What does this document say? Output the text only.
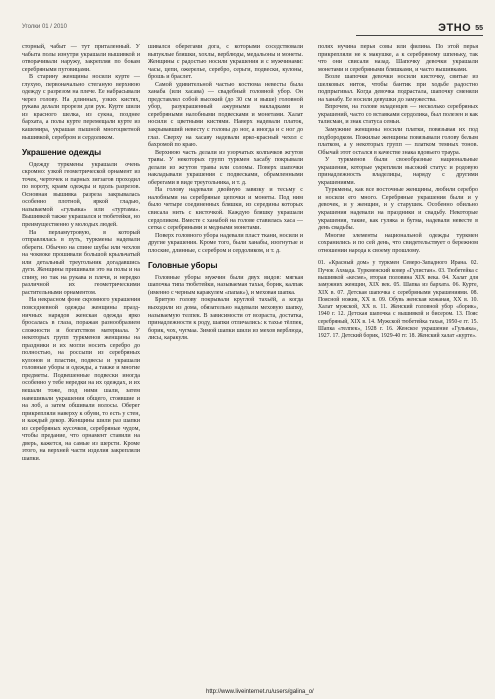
Уголки 01 / 2010	ЭТНО 55

сторный, чабыт — тут приталенный. У чабыта полы изнутри украшали вышивкой и отворачивали наружу, закрепляя по бокам серебряными пуговицами.

В старину женщины носили курте — глухую, первоначально стеганую верхнюю одежду с разрезом на плече. Ее набрасывали через голову. На длинных, узких кистях, рукава делали прорези для рук. Курте шили из красного шелка, из сукна, позднее бархата, а полы курте перемещали курте из кашемира, украшая пышной многоцветной вышивкой, серебром и сердоликом.

Украшение одежды

Одежду туркмены украшали очень скромно: узкой геометрической орнамент из точек, черточек и парных зигзагов проходил по вороту, краям одежды и вдоль разрезов. Основная вышивка разреза закрывалась особенно плотной, яркой гладью, называемой «гульяка» или «туртама». Вышивкой также украшался и тюбетейки, но преимущественно у молодых людей.

На перламутровую, в который отправлялась в путь, туркмены надевали обереги. Обычно на спине шубы или чехлов на чоквоке прошивали большой крыльчатый или детальный треугольник догадавшись дуги. Женщины пришивали это на полы и на спину, но так на рукава и плечи, и нередко различной их геометрическими растительными орнаментом.

На некрасном фоне скромного украшения повседневной одежды женщины праздничных нарядов женская одежда ярко бросалась в глаза, поражая разнообразием сложности и богатством материала. У некоторых групп туркменов женщины на праздники и их могли носить серебро до полностью, на россыпи из серебряных кулонов и пластин, подвесы и украшали головные уборы и одежды, а также и многие предметы. Подвешенные подвески иногда особенно у тебе нередки на их одеждах, и их вешали тоже, под ними шали, затем навешивали украшения общего, стоявшие и на лоб, а затем обшивали волосы. Оберег прикрепляли наверху к обуви, то есть у стен, и каждый декор. Женщины шили раз шапки из серебряных кусочков, серебряные чудом, чтобы предание, что орнамент ставили на дверь, кажется, на самые из шерсти. Кроме этого, на верхней части изделия закрепляли шапки.

шивался оберегами дога, с которыми соседствовали выпуклые бляшки, хохлы, верблюды, медальоны и монеты. Женщины с радостью носили украшения и с мужчинами: часы, цепи, ожерелье, серебро, серьги, подвески, кулоны, брошь и браслет.

Самой удивительной частью костюма невесты была ханаба (или хасава) — свадебный головной убор. Он представлял собой высокий (до 30 см и выше) головной убор, разукрашенный ажурными накладками и серебряными налобными подвесками и монетами. Халат носили с цветными кистями. Наверх надевали платок, закрывавший невесту с головы до ног, а иногда и с ног до глаз. Сверху на хасаву надевали ярко-красный чехол с бахромой по краю.

Верхнюю часть делали из узорчатых колпачков жгутов травы. У некоторых групп туркмен хасабу покрывали делали из жгутов травы или соломы. Поверх шапочки накладывали украшения с подвесками, обрамленными оберегами в виде треугольника, и т. д.

На голову надевали двойную завязку и тесьму с налобными на серебряные цепочки и монеты. Под ним было четыре соединенных бляшки, из середины которых свисала нить с кисточкой. Каждую бляшку украшали сердоликом. Вместе с ханабой на голове ставилась хаса — сетка с серебряными и медными монетами.

Поверх головного убора надевали пласт ткани, носили и другие украшения. Кроме того, были ханабы, изогнутые и плоские, длинные, с серебром и сердоликом, и т. д.

Головные уборы

Головные уборы мужчин были двух видов: мягкая шапочка типа тюбетейки, называемая тахья, борик, калпак (именно с черным каракулем «папак»), и меховая шапка.

Бритую голову покрывали круглой тахьёй, а когда выходили из дома, обязательно надевали меховую шапку, называемую телпек. В зависимости от возраста, достатка, принадлежности к роду, шапки отличались: к тахье тёлпек, борик, чох, чугмаа. Зимой шапки шили из мехов верблюда, лисы, каракуля.

полях нучина перья совы или филина. По этой перья прикрепляли не к макушке, а к серебряному шпеньку, так что они свисали назад. Шапочку девочки украшали монетами и серебряными бляшками, и часто вышивками.

Возле шапочки девочки носили кисточку, свитые из шелковых ниток, чтобы бантик при ходьбе радостно подпрыгивал. Когда девочка подрастала, шапочку сменяли на ханабу. Ее носили девушки до замужества.

Впрочем, на голове младенцев — несколько серебряных украшений, часто со вставками сердолика, был полезен и как талисман, и знак статуса семьи.

Замужние женщины носили платки, повязывая их под подбородком. Пожилые женщины повязывали голову белым платком, а у некоторых групп — платком темных тонов. Обычай этот остался в качестве знака вдовьего траура.

У туркменов были своеобразные национальные украшения, которые укрепляли высокий статус и родовую принадлежность владелицы, наряду с другими украшениями.

Туркмены, как все восточные женщины, любили серебро и носили его много. Серебряные украшения были и у девочек, и у женщин, и у старушек. Особенно обильно украшения надевали на праздники и свадьбу. Некоторые украшения, такие, как гуляка и бугма, надевали невесте в день свадьбы.

Многие элементы национальной одежды туркмен сохранились и по сей день, что свидетельствует о бережном отношении народа к своему прошлому.

01. «Красный дом» у туркмен Северо-Западного Ирана. 02. Пучок Ахмада. Туркменский ковер «Гулистан». 03. Тюбетейка с вышивкой «кесме», вторая половина XIX века. 04. Халат для замужних женщин, XIX век. 05. Шапка из бархата. 06. Курте, XIX в. 07. Детская шапочка с серебряными украшениями. 08. Поясной ножик, XX в. 09. Обувь женская кожаная, XX в. 10. Халат мужской, XX в. 11. Женский головной убор «борик», 1940 г. 12. Детская шапочка с вышивкой и бисером. 13. Пояс серебряный, XIX в. 14. Мужской тюбетейка тахья, 1950-е гг. 15. Шапка «телпек», 1928 г. 16. Женское украшение «Гульяка», 1927. 17. Детский борик, 1929-40 гг. 18. Женский халат «курте».
http://www.liveinternet.ru/users/galina_o/
